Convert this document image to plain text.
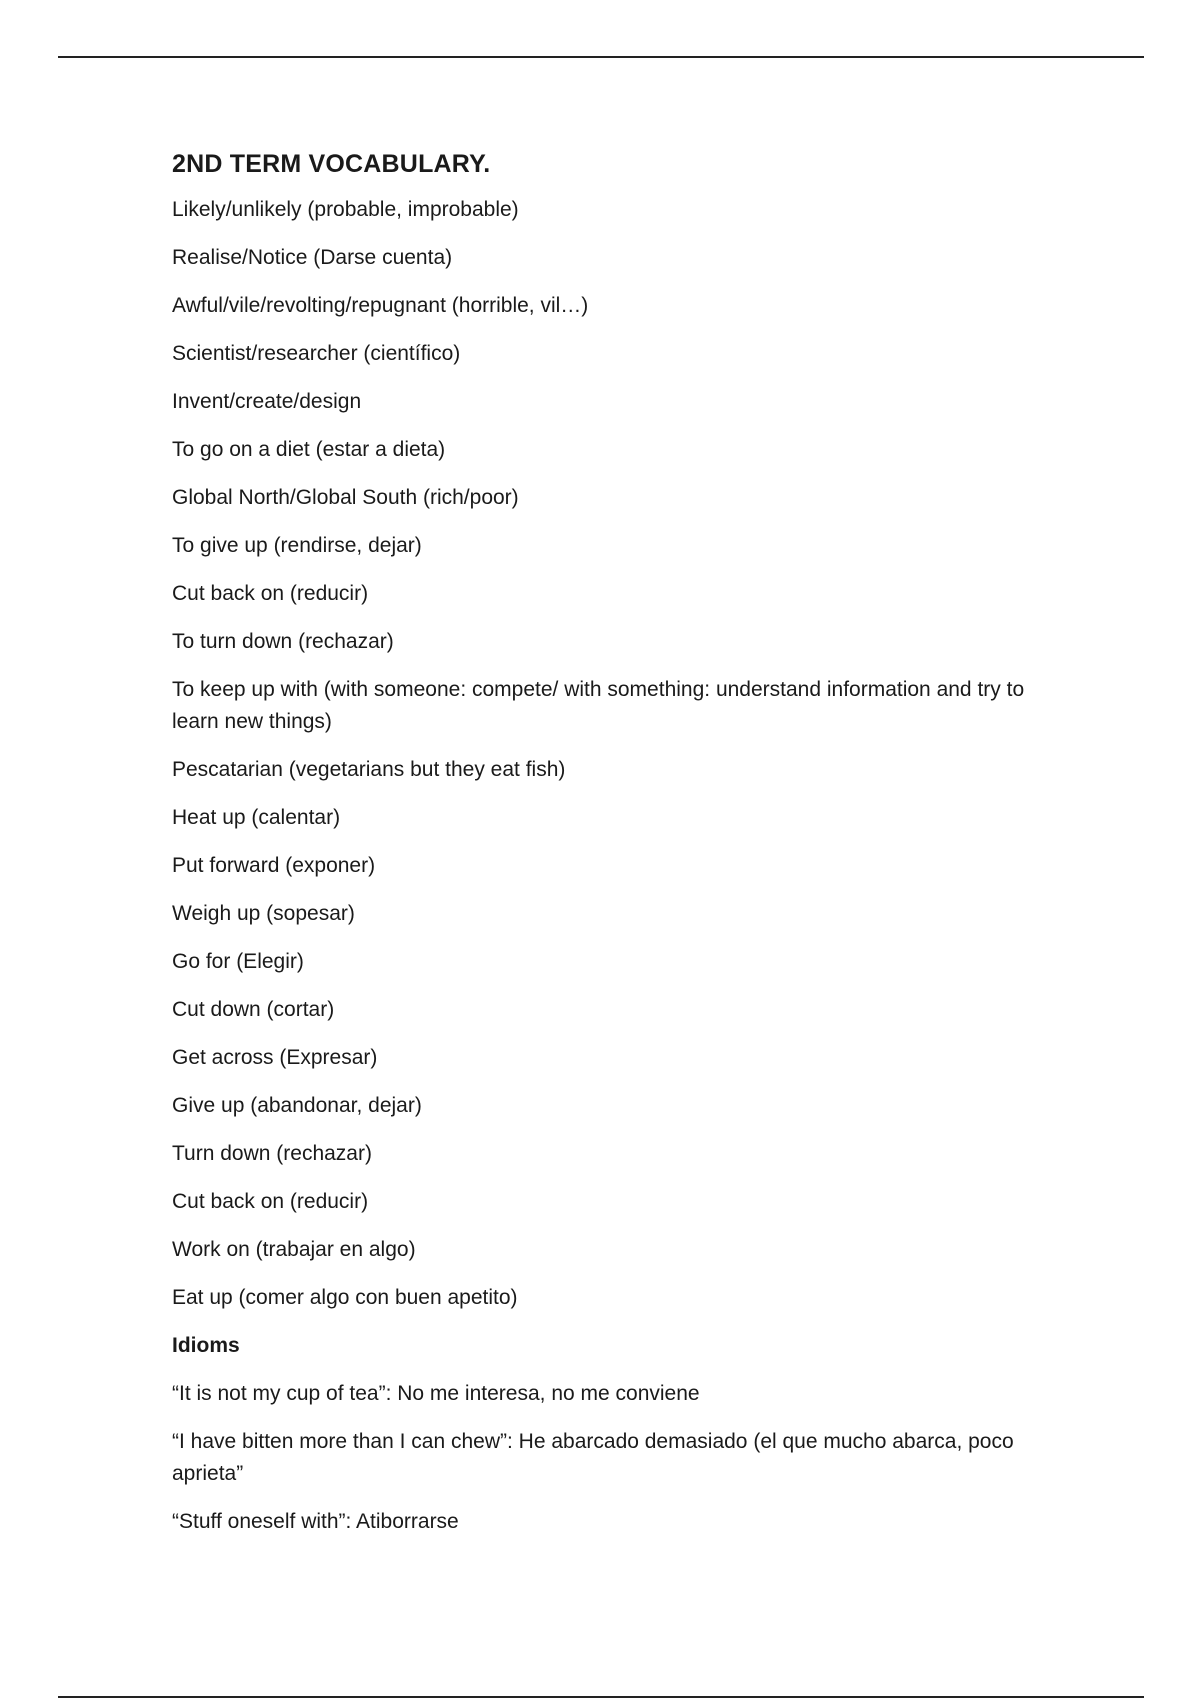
2ND TERM VOCABULARY.
Likely/unlikely (probable, improbable)
Realise/Notice (Darse cuenta)
Awful/vile/revolting/repugnant (horrible, vil…)
Scientist/researcher (científico)
Invent/create/design
To go on a diet (estar a dieta)
Global North/Global South (rich/poor)
To give up (rendirse, dejar)
Cut back on (reducir)
To turn down (rechazar)
To keep up with (with someone: compete/ with something: understand information and try to learn new things)
Pescatarian (vegetarians but they eat fish)
Heat up (calentar)
Put forward (exponer)
Weigh up (sopesar)
Go for (Elegir)
Cut down (cortar)
Get across (Expresar)
Give up (abandonar, dejar)
Turn down (rechazar)
Cut back on (reducir)
Work on (trabajar en algo)
Eat up (comer algo con buen apetito)
Idioms
“It is not my cup of tea”: No me interesa, no me conviene
“I have bitten more than I can chew”: He abarcado demasiado (el que mucho abarca, poco aprieta”
“Stuff oneself with”: Atiborrarse
